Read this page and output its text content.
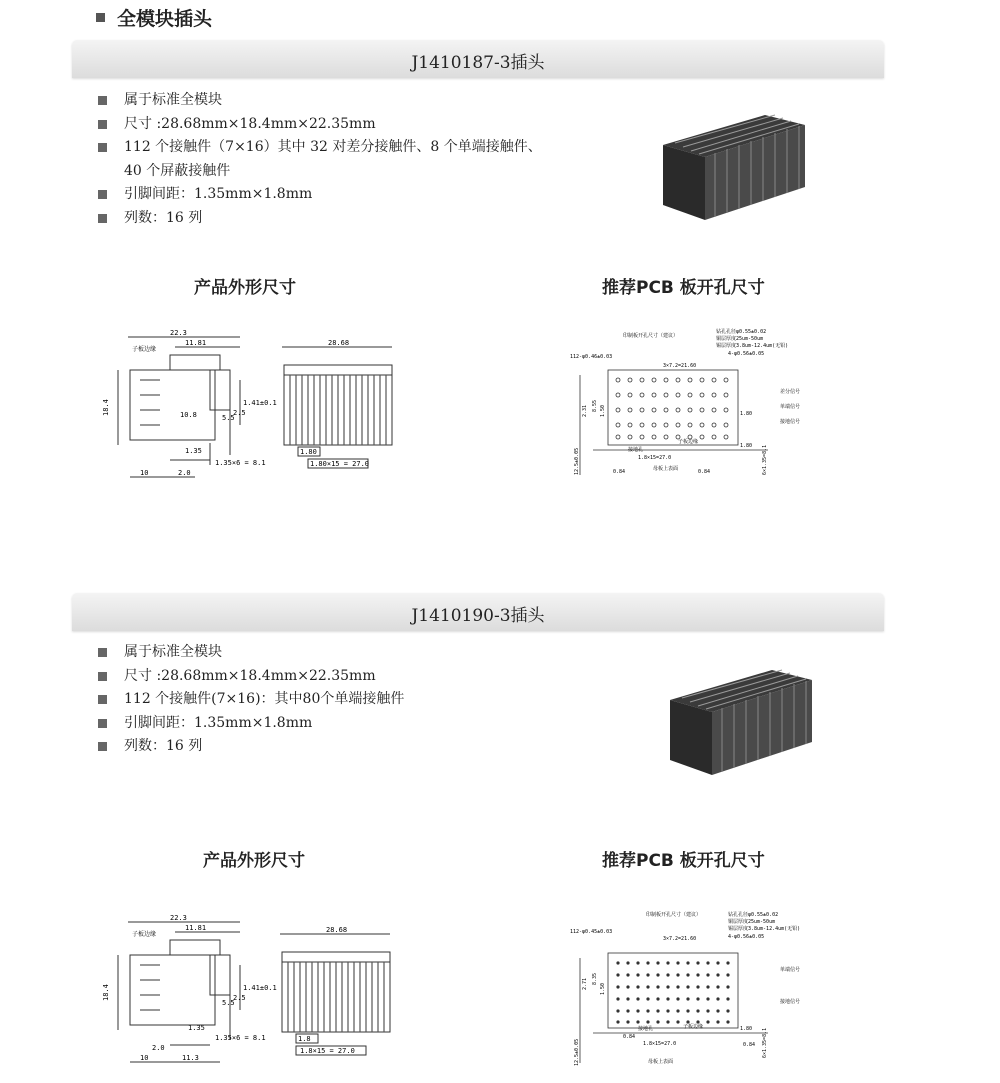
全模块插头
J1410187-3插头
属于标准全模块
尺寸 :28.68mm×18.4mm×22.35mm
112 个接触件（7×16）其中 32 对差分接触件、8 个单端接触件、
40 个屏蔽接触件
引脚间距：1.35mm×1.8mm
列数：16 列
产品外形尺寸	推荐PCB 板开孔尺寸
22.3
11.81
18.4	10.8	2.5
5.5
1.41±0.1
1.35
1.35×6 = 8.1
10	2.0
子板边缘
28.68
1.80
1.80×15 = 27.0
印制板开孔尺寸（建议）
钻孔孔径φ0.55±0.02
铜层厚度25um-50um
锡层厚度3.8um-12.4um(无铅)
4-φ0.56±0.05
112-φ0.46±0.03
3×7.2=21.60
1.8×15=27.0
0.84	0.84
2.31 8.55 1.50
12.5±0.05	6×1.35=8.1
1.80
1.80
子板边缘
接地孔
母板上表面
差分信号
单端信号
接地信号
J1410190-3插头
属于标准全模块
尺寸 :28.68mm×18.4mm×22.35mm
112 个接触件(7×16)：其中80个单端接触件
引脚间距：1.35mm×1.8mm
列数：16 列
产品外形尺寸	推荐PCB 板开孔尺寸
22.3
11.81
18.4	2.5
5.5
1.41±0.1
1.35
1.35×6 = 8.1
10
2.0
11.3
子板边缘
28.68
1.8
1.8×15 = 27.0
印制板开孔尺寸（建议）	钻孔孔径φ0.55±0.02
铜层厚度25um-50um
锡层厚度3.8um-12.4um(无铅)
4-φ0.56±0.05
112-φ0.45±0.03
3×7.2=21.60
1.8×15=27.0
0.84
0.84
2.71 8.35
1.50
12.5±0.05	6×1.35=8.1
1.80
子板边缘
接地孔
母板上表面
单端信号
接地信号
